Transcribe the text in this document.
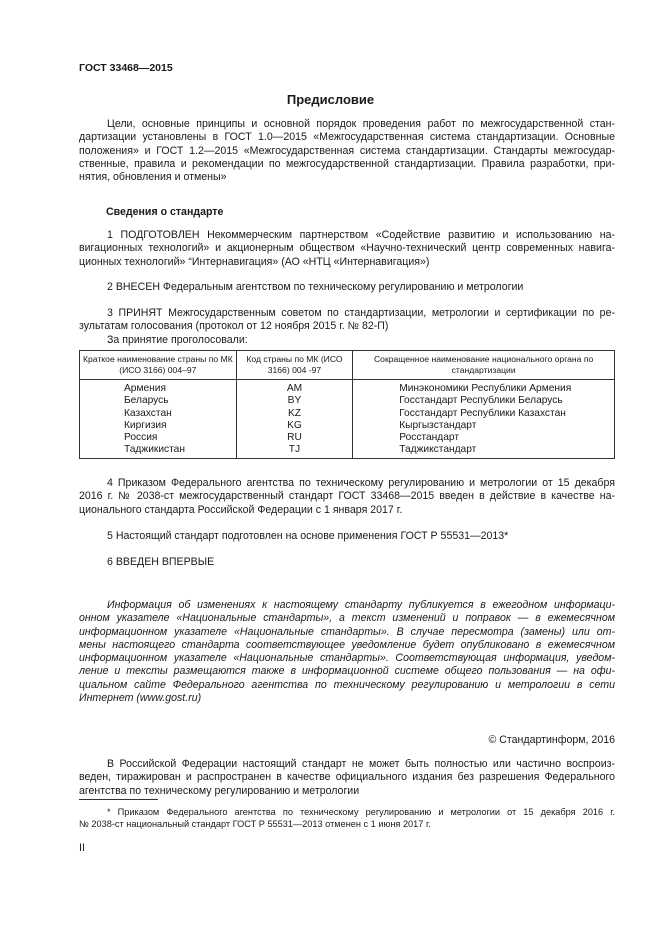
ГОСТ 33468—2015
Предисловие
Цели, основные принципы и основной порядок проведения работ по межгосударственной стан-
дартизации установлены в ГОСТ 1.0—2015 «Межгосударственная система стандартизации. Основные
положения» и ГОСТ 1.2—2015 «Межгосударственная система стандартизации. Стандарты межгосудар-
ственные, правила и рекомендации по межгосударственной стандартизации. Правила разработки, при-
нятия, обновления и отмены»
Сведения о стандарте
1 ПОДГОТОВЛЕН Некоммерческим партнерством «Содействие развитию и использованию на-
вигационных технологий» и акционерным обществом «Научно-технический центр современных навига-
ционных технологий» “Интернавигация» (АО «НТЦ «Интернавигация»)
2 ВНЕСЕН Федеральным агентством по техническому регулированию и метрологии
3 ПРИНЯТ Межгосударственным советом по стандартизации, метрологии и сертификации по ре-
зультатам голосования (протокол от 12 ноября 2015 г. № 82-П)
За принятие проголосовали:
Краткое наименование страны по МК (ИСО 3166) 004–97	Код страны по МК (ИСО 3166) 004 -97	Сокращенное наименование национального органа по стандартизации
Армения	AM	Минэкономики Республики Армения
Беларусь	BY	Госстандарт Республики Беларусь
Казахстан	KZ	Госстандарт Республики Казахстан
Киргизия	KG	Кыргызстандарт
Россия	RU	Росстандарт
Таджикистан	TJ	Таджикстандарт
4 Приказом Федерального агентства по техническому регулированию и метрологии от 15 декабря
2016 г. № 2038-ст межгосударственный стандарт ГОСТ 33468—2015 введен в действие в качестве на-
ционального стандарта Российской Федерации с 1 января 2017 г.
5 Настоящий стандарт подготовлен на основе применения ГОСТ Р 55531—2013*
6 ВВЕДЕН ВПЕРВЫЕ
Информация об изменениях к настоящему стандарту публикуется в ежегодном информаци-
онном указателе «Национальные стандарты», а текст изменений и поправок — в ежемесячном
информационном указателе «Национальные стандарты». В случае пересмотра (замены) или от-
мены настоящего стандарта соответствующее уведомление будет опубликовано в ежемесячном
информационном указателе «Национальные стандарты». Соответствующая информация, уведом-
ление и тексты размещаются также в информационной системе общего пользования — на офи-
циальном сайте Федерального агентства по техническому регулированию и метрологии в сети
Интернет (www.gost.ru)
© Стандартинформ, 2016
В Российской Федерации настоящий стандарт не может быть полностью или частично воспроиз-
веден, тиражирован и распространен в качестве официального издания без разрешения Федерального
агентства по техническому регулированию и метрологии
* Приказом Федерального агентства по техническому регулированию и метрологии от 15 декабря 2016 г.
№ 2038-ст национальный стандарт ГОСТ Р 55531—2013 отменен с 1 июня 2017 г.
II
